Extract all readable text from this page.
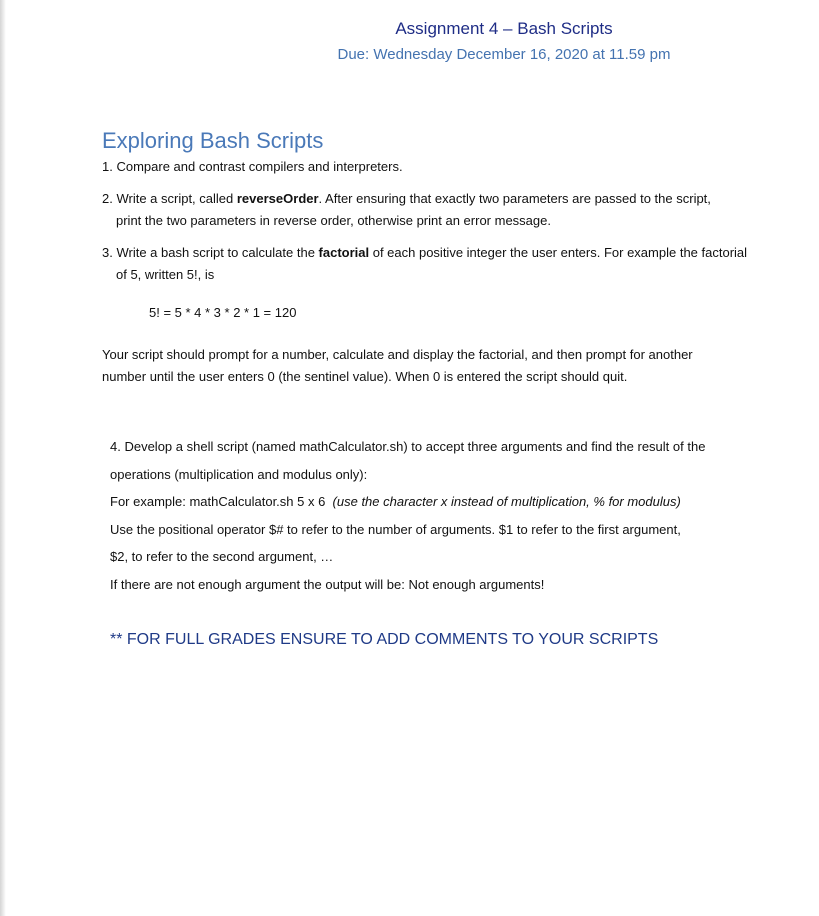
Assignment 4 – Bash Scripts
Due: Wednesday December 16, 2020 at 11.59 pm
Exploring Bash Scripts
1. Compare and contrast compilers and interpreters.
2. Write a script, called reverseOrder. After ensuring that exactly two parameters are passed to the script, print the two parameters in reverse order, otherwise print an error message.
3. Write a bash script to calculate the factorial of each positive integer the user enters. For example the factorial of 5, written 5!, is
5! = 5 * 4 * 3 * 2 * 1 = 120
Your script should prompt for a number, calculate and display the factorial, and then prompt for another number until the user enters 0 (the sentinel value). When 0 is entered the script should quit.
4. Develop a shell script (named mathCalculator.sh) to accept three arguments and find the result of the
operations (multiplication and modulus only):
For example: mathCalculator.sh 5 x 6  (use the character x instead of multiplication, % for modulus)
Use the positional operator $# to refer to the number of arguments. $1 to refer to the first argument,
$2, to refer to the second argument, …
If there are not enough argument the output will be: Not enough arguments!
** FOR FULL GRADES ENSURE TO ADD COMMENTS TO YOUR SCRIPTS
